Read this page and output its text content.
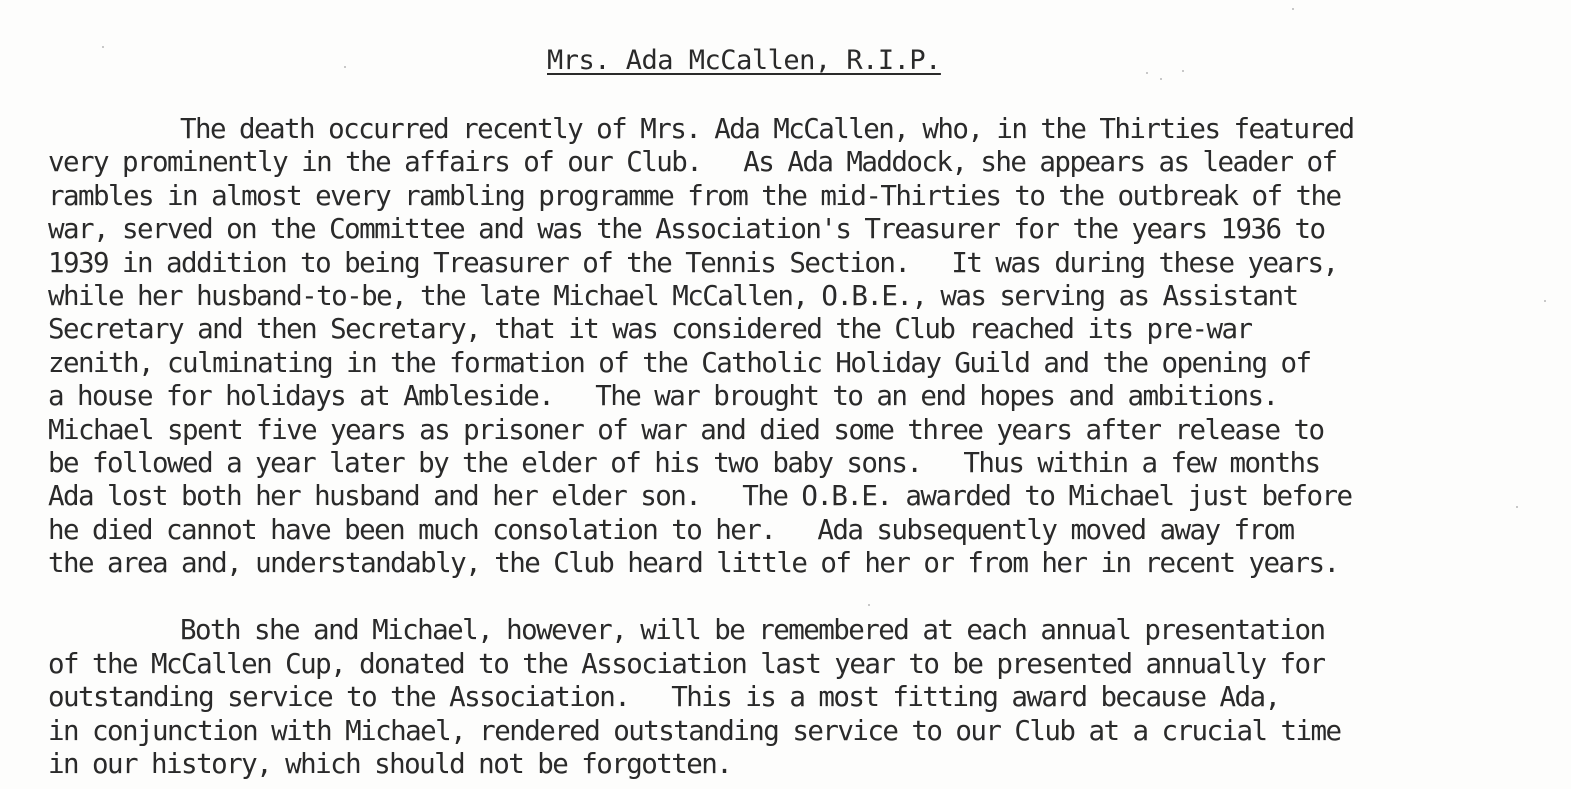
Mrs. Ada McCallen, R.I.P.
The death occurred recently of Mrs. Ada McCallen, who, in the Thirties featured
very prominently in the affairs of our Club.   As Ada Maddock, she appears as leader of
rambles in almost every rambling programme from the mid-Thirties to the outbreak of the
war, served on the Committee and was the Association's Treasurer for the years 1936 to
1939 in addition to being Treasurer of the Tennis Section.   It was during these years,
while her husband-to-be, the late Michael McCallen, O.B.E., was serving as Assistant
Secretary and then Secretary, that it was considered the Club reached its pre-war
zenith, culminating in the formation of the Catholic Holiday Guild and the opening of
a house for holidays at Ambleside.   The war brought to an end hopes and ambitions.
Michael spent five years as prisoner of war and died some three years after release to
be followed a year later by the elder of his two baby sons.   Thus within a few months
Ada lost both her husband and her elder son.   The O.B.E. awarded to Michael just before
he died cannot have been much consolation to her.   Ada subsequently moved away from
the area and, understandably, the Club heard little of her or from her in recent years.
Both she and Michael, however, will be remembered at each annual presentation
of the McCallen Cup, donated to the Association last year to be presented annually for
outstanding service to the Association.   This is a most fitting award because Ada,
in conjunction with Michael, rendered outstanding service to our Club at a crucial time
in our history, which should not be forgotten.
